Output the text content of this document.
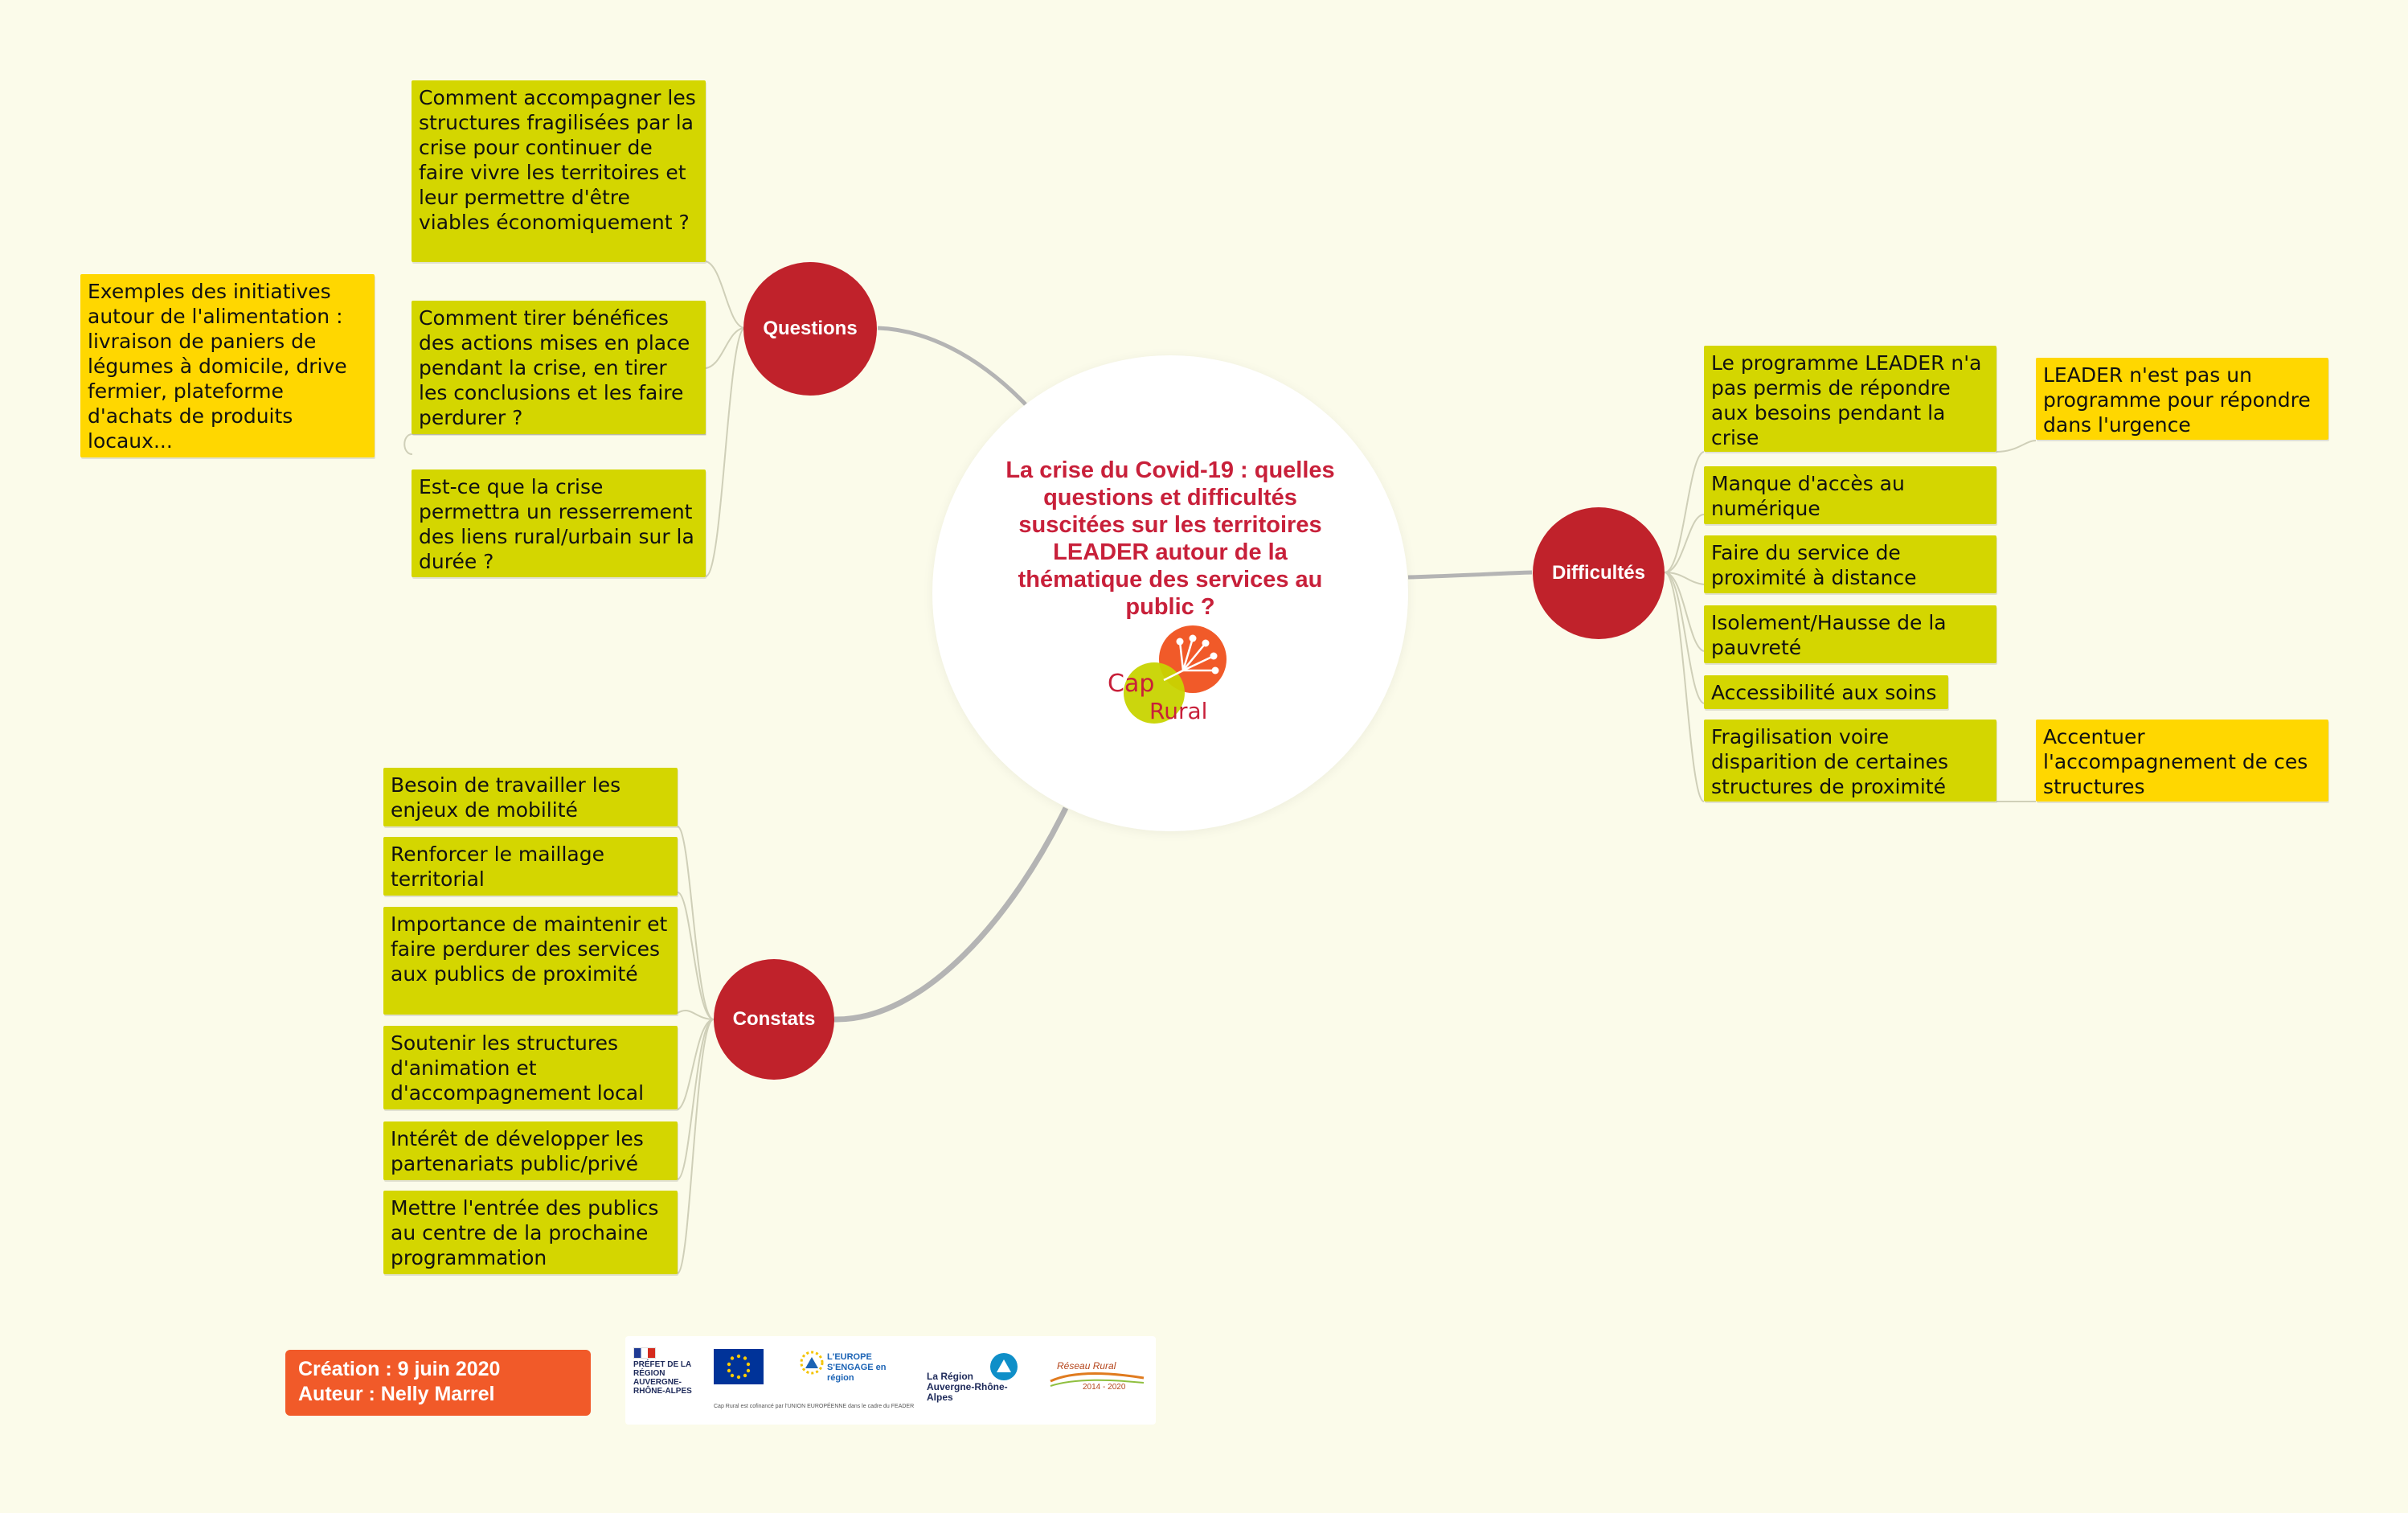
La crise du Covid-19 : quelles questions et difficultés suscitées sur les territoires LEADER autour de la thématique des services au public ?
Cap
Rural
Questions
Difficultés
Constats
Comment accompagner les structures fragilisées par la crise pour continuer de faire vivre les territoires et leur permettre d'être viables économiquement ?
Comment tirer bénéfices des actions mises en place pendant la crise, en tirer les conclusions et les faire perdurer ?
Exemples des initiatives autour de l'alimentation : livraison de paniers de légumes à domicile, drive fermier, plateforme d'achats de produits locaux...
Est-ce que la crise permettra un resserrement des liens rural/urbain sur la durée ?
Le programme LEADER n'a pas permis de répondre aux besoins pendant la crise
LEADER n'est pas un programme pour répondre dans l'urgence
Manque d'accès au numérique
Faire du service de proximité à distance
Isolement/Hausse de la pauvreté
Accessibilité aux soins
Fragilisation voire disparition de certaines structures de proximité
Accentuer l'accompagnement de ces structures
Besoin de travailler les enjeux de mobilité
Renforcer le maillage territorial
Importance de maintenir et faire perdurer des services aux publics de proximité
Soutenir les structures d'animation et d'accompagnement local
Intérêt de développer les partenariats public/privé
Mettre l'entrée des publics au centre de la prochaine programmation
Création : 9 juin 2020
Auteur : Nelly Marrel
PRÉFET DE LA RÉGION AUVERGNE-RHÔNE-ALPES
L'EUROPE S'ENGAGE en région	La Région Auvergne-Rhône-Alpes
Réseau Rural
2014 - 2020
Cap Rural est cofinancé par l'UNION EUROPÉENNE dans le cadre du FEADER
